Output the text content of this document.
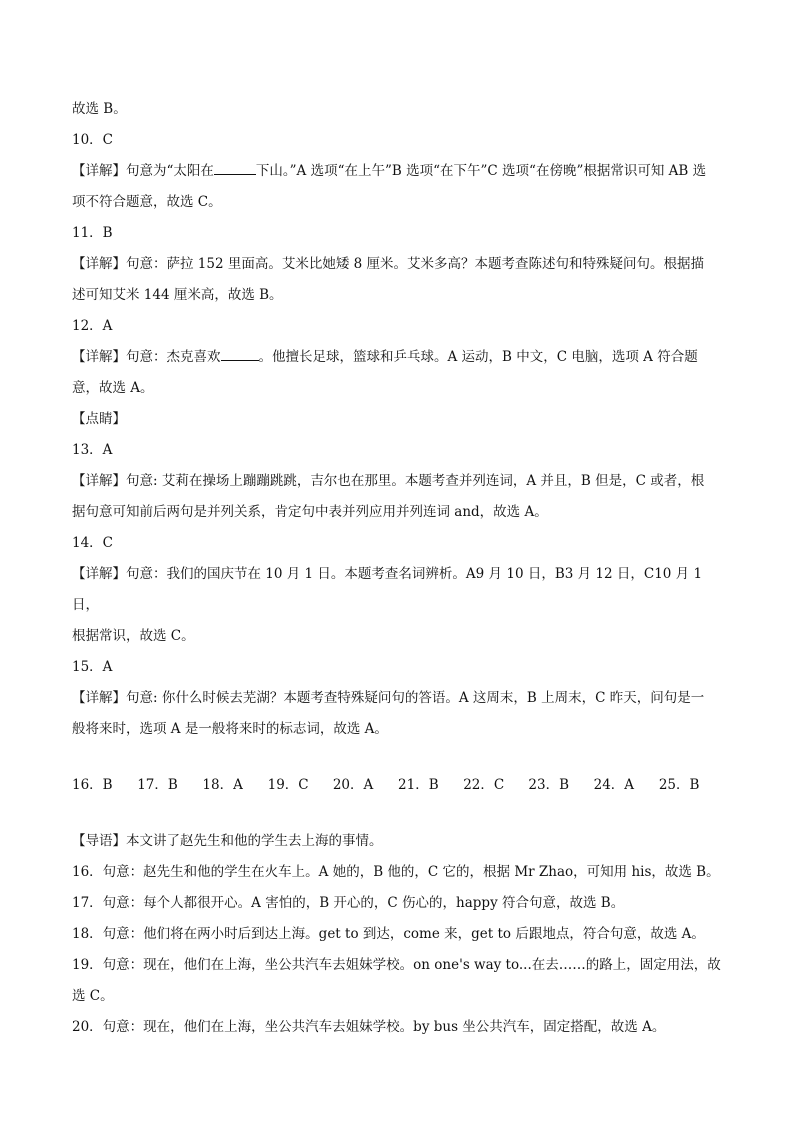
故选 B。

10．C

【详解】句意为“太阳在	下山。”A 选项“在上午”B 选项“在下午”C 选项“在傍晚”根据常识可知 AB 选

项不符合题意，故选 C。

11．B

【详解】句意：萨拉 152 里面高。艾米比她矮 8 厘米。艾米多高？本题考查陈述句和特殊疑问句。根据描

述可知艾米 144 厘米高，故选 B。

12．A

【详解】句意：杰克喜欢	。他擅长足球，篮球和乒乓球。A 运动，B 中文，C 电脑，选项 A 符合题

意，故选 A。

【点睛】

13．A

【详解】句意: 艾莉在操场上蹦蹦跳跳，吉尔也在那里。本题考查并列连词，A 并且，B 但是，C 或者，根

据句意可知前后两句是并列关系，肯定句中表并列应用并列连词 and，故选 A。

14．C

【详解】句意：我们的国庆节在 10 月 1 日。本题考查名词辨析。A9 月 10 日，B3 月 12 日，C10 月 1 日，

根据常识，故选 C。

15．A

【详解】句意: 你什么时候去芜湖？本题考查特殊疑问句的答语。A 这周末，B 上周末，C 昨天，问句是一

般将来时，选项 A 是一般将来时的标志词，故选 A。

16．B	17．B	18．A	19．C	20．A	21．B	22．C	23．B	24．A	25．B

【导语】本文讲了赵先生和他的学生去上海的事情。

16．句意：赵先生和他的学生在火车上。A 她的，B 他的，C 它的，根据 Mr Zhao，可知用 his，故选 B。

17．句意：每个人都很开心。A 害怕的，B 开心的，C 伤心的，happy 符合句意，故选 B。

18．句意：他们将在两小时后到达上海。get to 到达，come 来，get to 后跟地点，符合句意，故选 A。

19．句意：现在，他们在上海，坐公共汽车去姐妹学校。on one's way to...在去……的路上，固定用法，故

选 C。

20．句意：现在，他们在上海，坐公共汽车去姐妹学校。by bus 坐公共汽车，固定搭配，故选 A。
